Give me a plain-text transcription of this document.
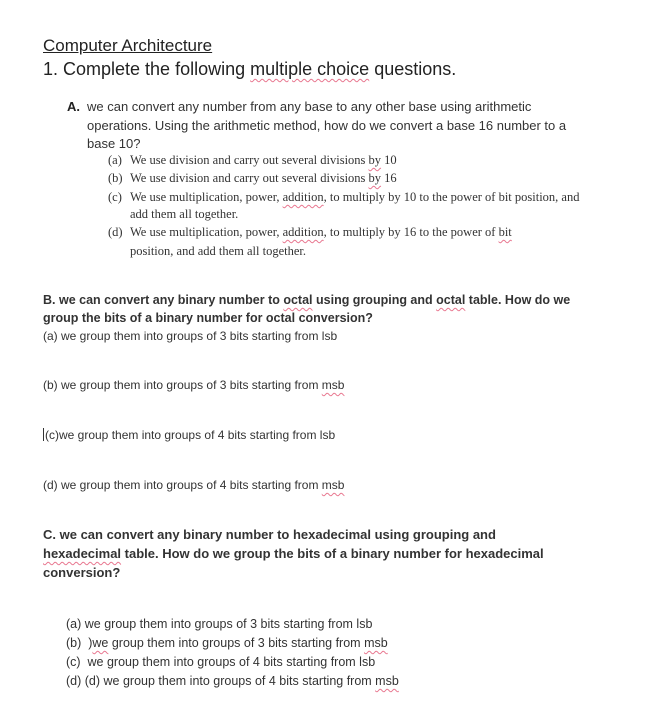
Computer Architecture
1. Complete the following multiple choice questions.
A. we can convert any number from any base to any other base using arithmetic
operations. Using the arithmetic method, how do we convert a base 16 number to a
base 10?
(a) We use division and carry out several divisions by 10
(b) We use division and carry out several divisions by 16
(c) We use multiplication, power, addition, to multiply by 10 to the power of bit position, and
add them all together.
(d) We use multiplication, power, addition, to multiply by 16 to the power of bit
position, and add them all together.
B. we can convert any binary number to octal using grouping and octal table. How do we
group the bits of a binary number for octal conversion?
(a) we group them into groups of 3 bits starting from lsb
(b) we group them into groups of 3 bits starting from msb
(c)we group them into groups of 4 bits starting from lsb
(d) we group them into groups of 4 bits starting from msb
C. we can convert any binary number to hexadecimal using grouping and
hexadecimal table. How do we group the bits of a binary number for hexadecimal
conversion?
(a) we group them into groups of 3 bits starting from lsb
(b)  )we group them into groups of 3 bits starting from msb
(c)  we group them into groups of 4 bits starting from lsb
(d) (d) we group them into groups of 4 bits starting from msb
